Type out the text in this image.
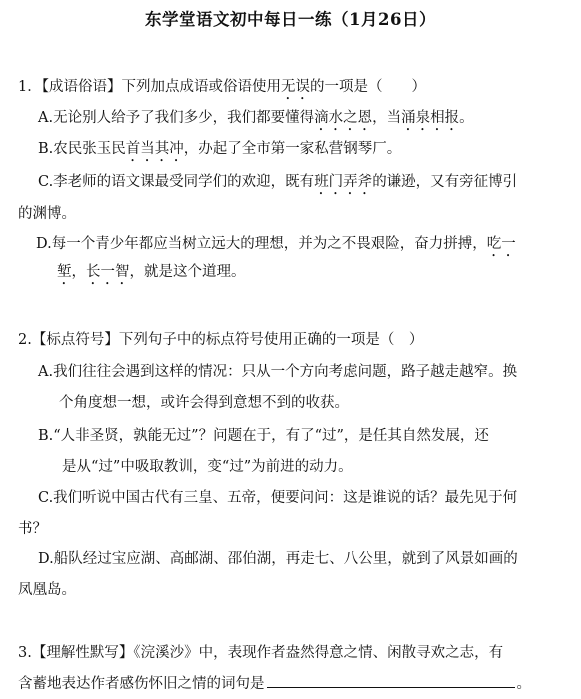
东学堂语文初中每日一练（1月26日）
1．【成语俗语】下列加点成语或俗语使用无误的一项是（　　）
A.无论别人给予了我们多少，我们都要懂得滴水之恩，当涌泉相报。
B.农民张玉民首当其冲，办起了全市第一家私营钢琴厂。
C.李老师的语文课最受同学们的欢迎，既有班门弄斧的谦逊，又有旁征博引
的渊博。
D.每一个青少年都应当树立远大的理想，并为之不畏艰险，奋力拼搏，吃一
堑，长一智，就是这个道理。
2.【标点符号】下列句子中的标点符号使用正确的一项是（　）
A.我们往往会遇到这样的情况：只从一个方向考虑问题，路子越走越窄。换
个角度想一想，或许会得到意想不到的收获。
B.“人非圣贤，孰能无过”？问题在于，有了“过”，是任其自然发展，还
是从“过”中吸取教训，变“过”为前进的动力。
C.我们听说中国古代有三皇、五帝，便要问问：这是谁说的话？最先见于何
书？
D.船队经过宝应湖、高邮湖、邵伯湖，再走七、八公里，就到了风景如画的
凤凰岛。
3.【理解性默写】《浣溪沙》中，表现作者盎然得意之情、闲散寻欢之志，有
含蓄地表达作者感伤怀旧之情的词句是	。
